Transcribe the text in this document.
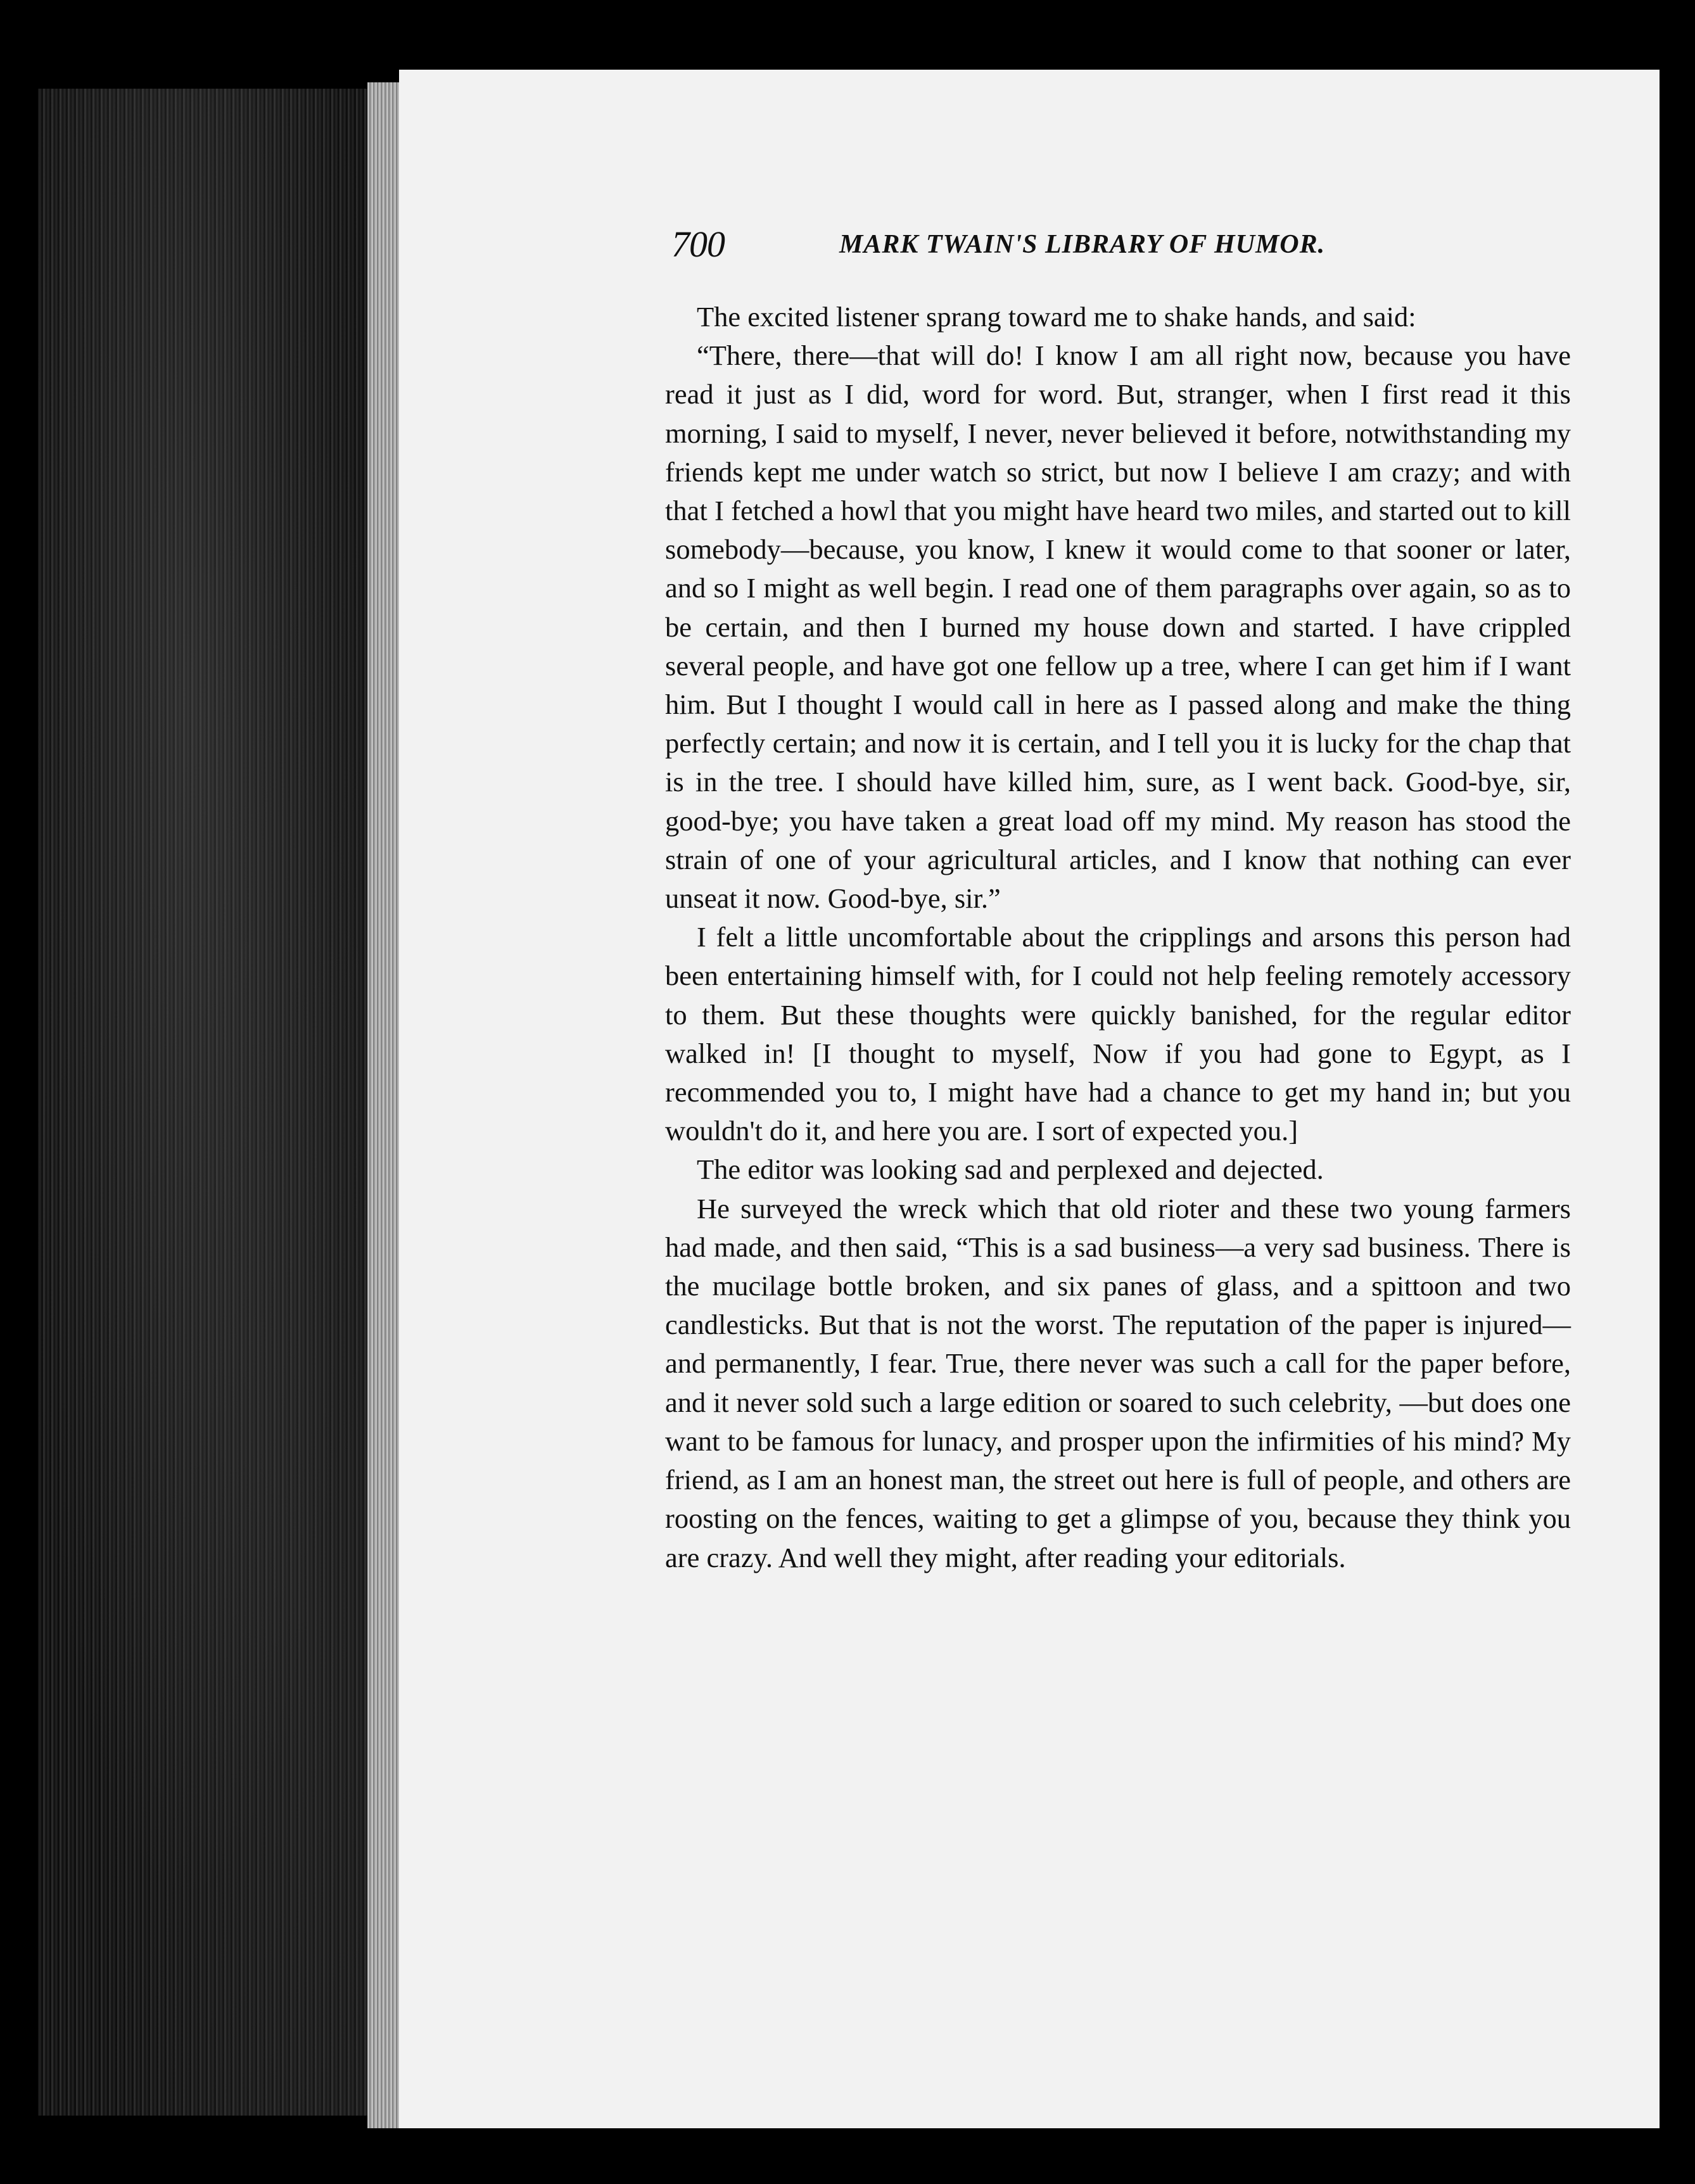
700	MARK TWAIN'S LIBRARY OF HUMOR.

The excited listener sprang toward me to shake hands, and said:

“There, there—that will do! I know I am all right now, because you have read it just as I did, word for word. But, stranger, when I first read it this morning, I said to myself, I never, never believed it before, notwithstanding my friends kept me under watch so strict, but now I believe I am crazy; and with that I fetched a howl that you might have heard two miles, and started out to kill somebody—because, you know, I knew it would come to that sooner or later, and so I might as well begin. I read one of them paragraphs over again, so as to be certain, and then I burned my house down and started. I have crippled several people, and have got one fellow up a tree, where I can get him if I want him. But I thought I would call in here as I passed along and make the thing perfectly certain; and now it is certain, and I tell you it is lucky for the chap that is in the tree. I should have killed him, sure, as I went back. Good-bye, sir, good-bye; you have taken a great load off my mind. My reason has stood the strain of one of your agricultural articles, and I know that nothing can ever unseat it now. Good-bye, sir.”

I felt a little uncomfortable about the cripplings and arsons this person had been entertaining himself with, for I could not help feeling remotely accessory to them. But these thoughts were quickly banished, for the regular editor walked in! [I thought to myself, Now if you had gone to Egypt, as I recommended you to, I might have had a chance to get my hand in; but you wouldn't do it, and here you are. I sort of expected you.]

The editor was looking sad and perplexed and dejected.

He surveyed the wreck which that old rioter and these two young farmers had made, and then said, “This is a sad business—a very sad business. There is the mucilage bottle broken, and six panes of glass, and a spittoon and two candlesticks. But that is not the worst. The reputation of the paper is injured—and permanently, I fear. True, there never was such a call for the paper before, and it never sold such a large edition or soared to such celebrity, —but does one want to be famous for lunacy, and prosper upon the infirmities of his mind? My friend, as I am an honest man, the street out here is full of people, and others are roosting on the fences, waiting to get a glimpse of you, because they think you are crazy. And well they might, after reading your editorials.
